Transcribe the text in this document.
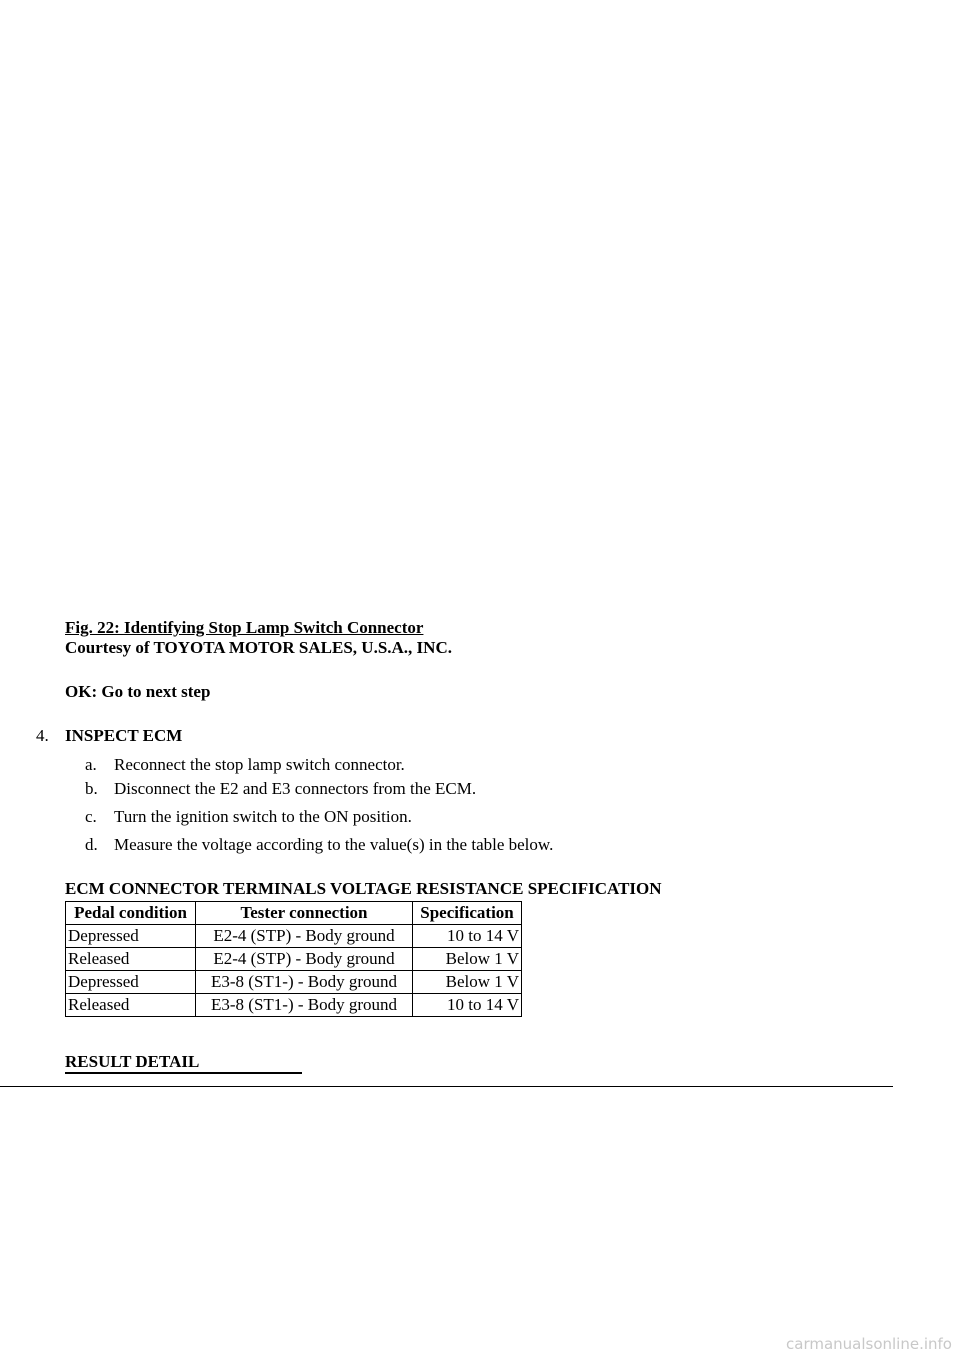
Fig. 22: Identifying Stop Lamp Switch Connector
Courtesy of TOYOTA MOTOR SALES, U.S.A., INC.
OK: Go to next step
4. INSPECT ECM
a. Reconnect the stop lamp switch connector.
b. Disconnect the E2 and E3 connectors from the ECM.
c. Turn the ignition switch to the ON position.
d. Measure the voltage according to the value(s) in the table below.
ECM CONNECTOR TERMINALS VOLTAGE RESISTANCE SPECIFICATION
Pedal condition	Tester connection	Specification
Depressed	E2-4 (STP) - Body ground	10 to 14 V
Released	E2-4 (STP) - Body ground	Below 1 V
Depressed	E3-8 (ST1-) - Body ground	Below 1 V
Released	E3-8 (ST1-) - Body ground	10 to 14 V
RESULT DETAIL
carmanualsonline.info
